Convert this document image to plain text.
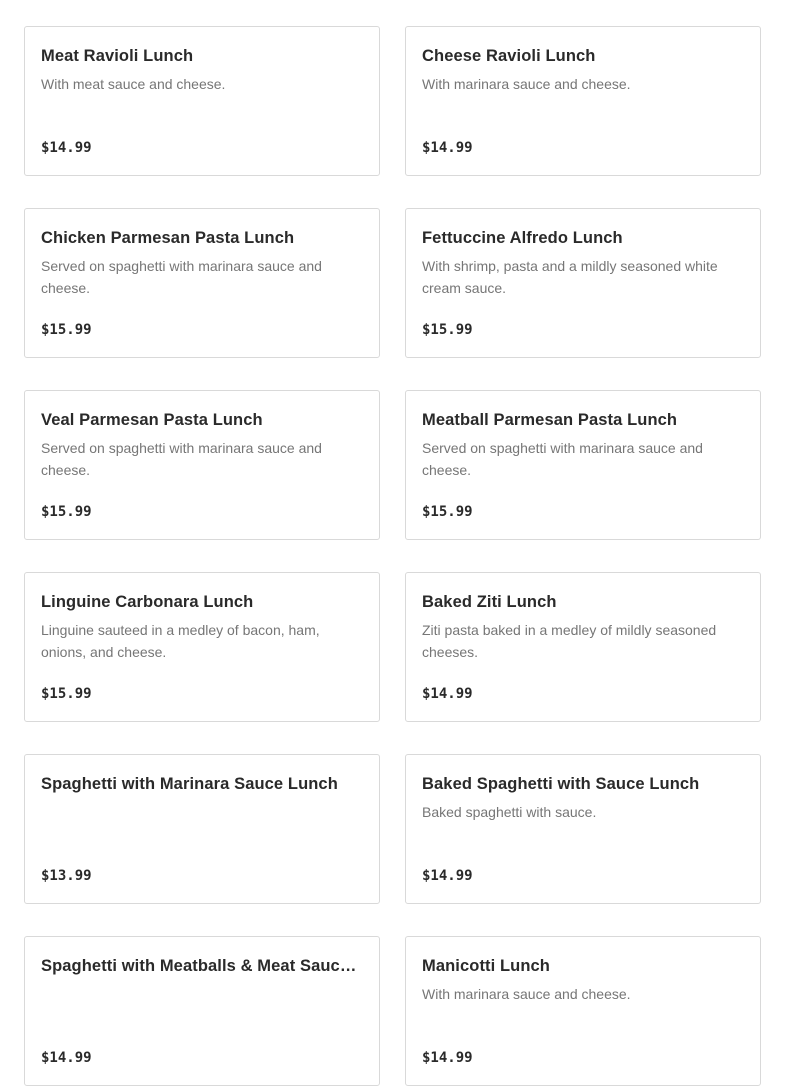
Meat Ravioli Lunch
With meat sauce and cheese.
$14.99
Cheese Ravioli Lunch
With marinara sauce and cheese.
$14.99
Chicken Parmesan Pasta Lunch
Served on spaghetti with marinara sauce and cheese.
$15.99
Fettuccine Alfredo Lunch
With shrimp, pasta and a mildly seasoned white cream sauce.
$15.99
Veal Parmesan Pasta Lunch
Served on spaghetti with marinara sauce and cheese.
$15.99
Meatball Parmesan Pasta Lunch
Served on spaghetti with marinara sauce and cheese.
$15.99
Linguine Carbonara Lunch
Linguine sauteed in a medley of bacon, ham, onions, and cheese.
$15.99
Baked Ziti Lunch
Ziti pasta baked in a medley of mildly seasoned cheeses.
$14.99
Spaghetti with Marinara Sauce Lunch
$13.99
Baked Spaghetti with Sauce Lunch
Baked spaghetti with sauce.
$14.99
Spaghetti with Meatballs & Meat Sauce...
$14.99
Manicotti Lunch
With marinara sauce and cheese.
$14.99
